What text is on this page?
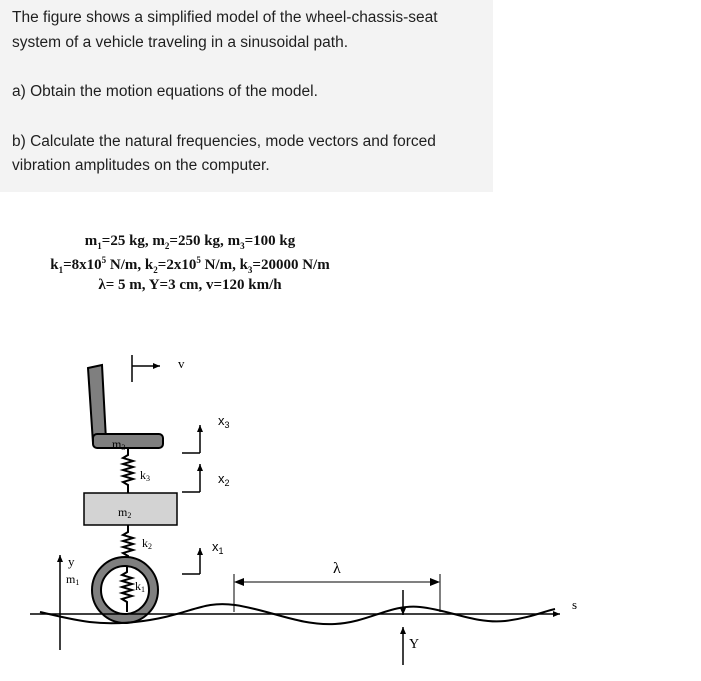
The figure shows a simplified model of the wheel-chassis-seat

system of a vehicle traveling in a sinusoidal path.

a) Obtain the motion equations of the model.

b) Calculate the natural frequencies, mode vectors and forced

vibration amplitudes on the computer.

$m_1=25$ kg, $m_2=250$ kg, $m_3=100$ kg

$k_1=8x10^5$ N/m, $k_2=2x10^5$ N/m, $k_3=20000$ N/m

λ= 5 m, Y=3 cm, v=120 km/h

m3
v
k3
m2
k2
k1
m1
y
$x_3$
$x_2$
$x_1$
λ
s
Y
